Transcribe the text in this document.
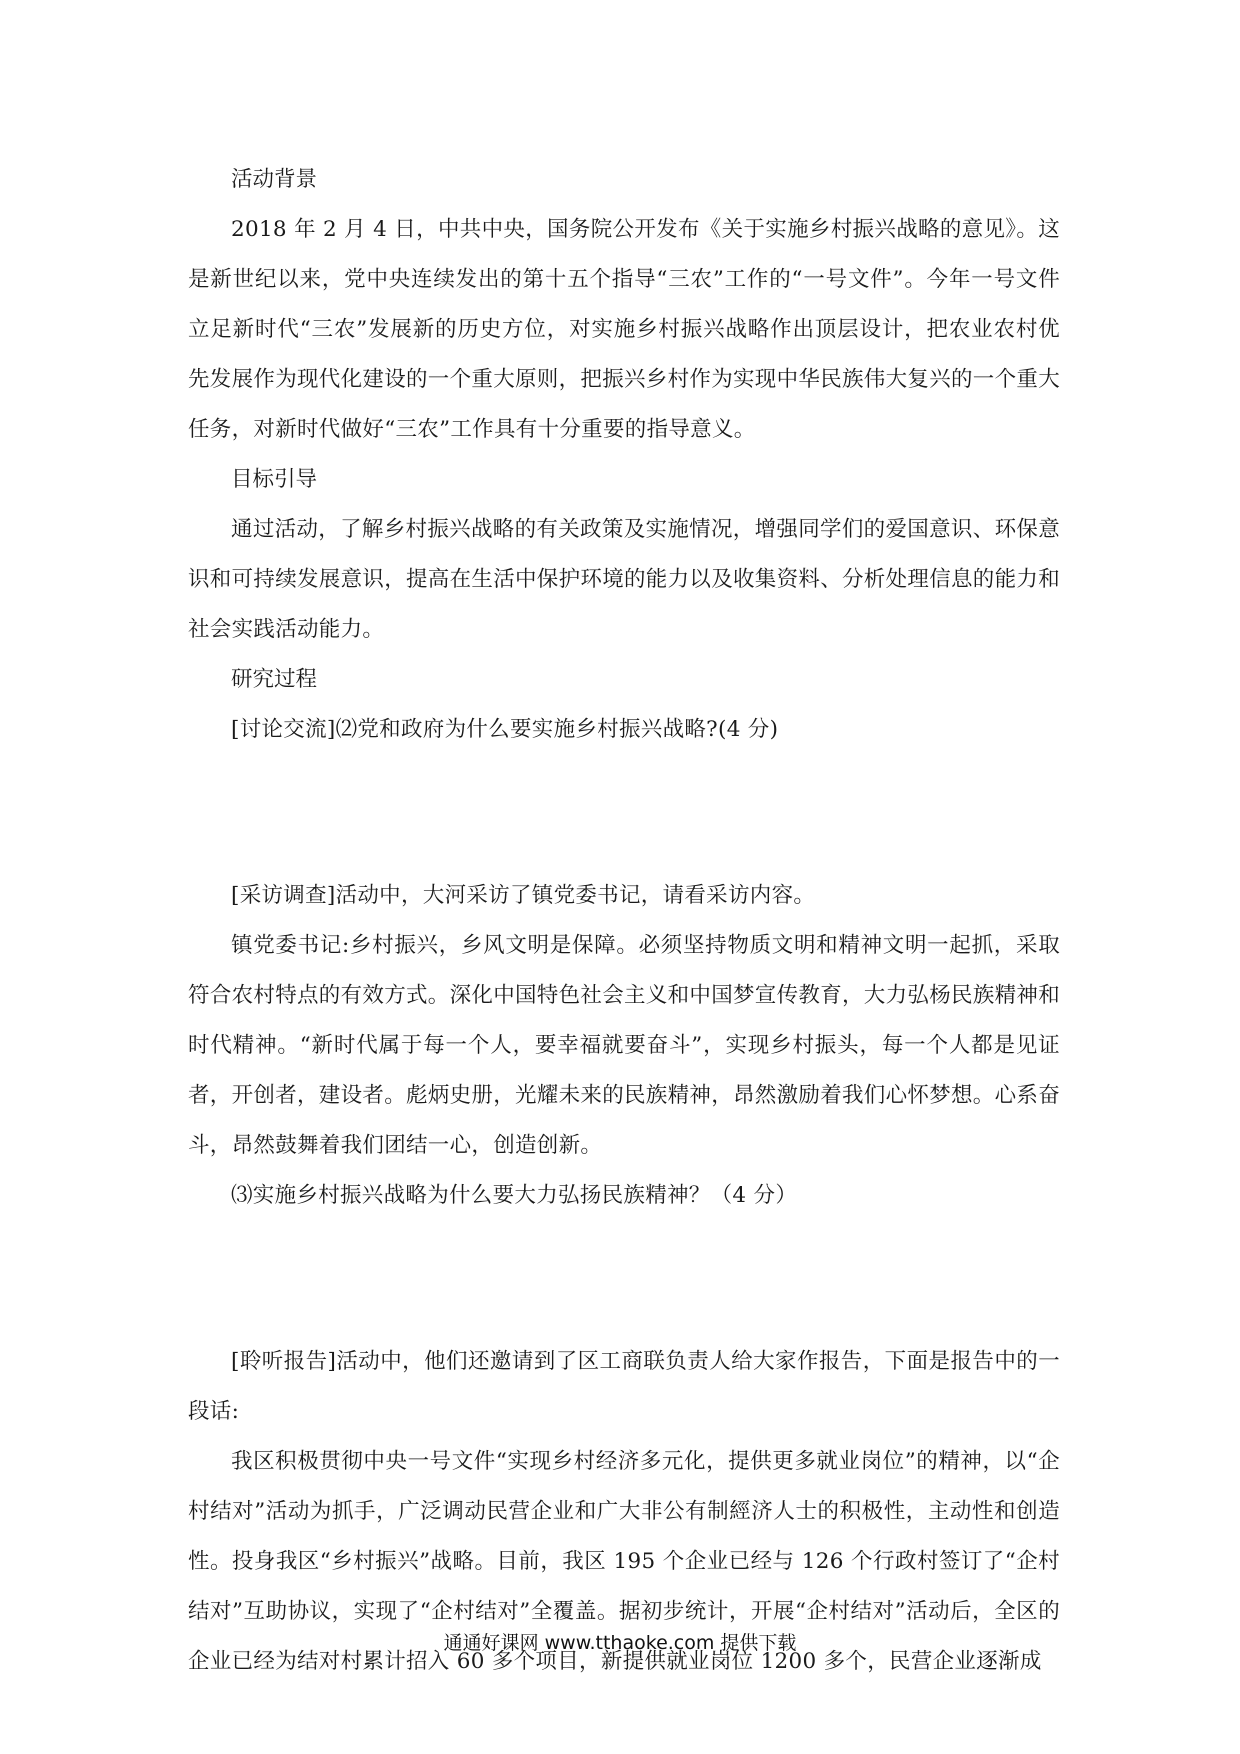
活动背景

2018 年 2 月 4 日，中共中央，国务院公开发布《关于实施乡村振兴战略的意见》。这是新世纪以来，党中央连续发出的第十五个指导“三农”工作的“一号文件”。今年一号文件立足新时代“三农”发展新的历史方位，对实施乡村振兴战略作出顶层设计，把农业农村优先发展作为现代化建设的一个重大原则，把振兴乡村作为实现中华民族伟大复兴的一个重大任务，对新时代做好“三农”工作具有十分重要的指导意义。

目标引导

通过活动，了解乡村振兴战略的有关政策及实施情况，增强同学们的爱国意识、环保意识和可持续发展意识，提高在生活中保护环境的能力以及收集资料、分析处理信息的能力和社会实践活动能力。

研究过程

[讨论交流]⑵党和政府为什么要实施乡村振兴战略?(4 分)

[采访调查]活动中，大河采访了镇党委书记，请看采访内容。

镇党委书记:乡村振兴，乡风文明是保障。必须坚持物质文明和精神文明一起抓，采取符合农村特点的有效方式。深化中国特色社会主义和中国梦宣传教育，大力弘杨民族精神和时代精神。“新时代属于每一个人，要幸福就要奋斗”，实现乡村振头，每一个人都是见证者，开创者，建设者。彪炳史册，光耀未来的民族精神，昂然激励着我们心怀梦想。心系奋斗，昂然鼓舞着我们团结一心，创造创新。

⑶实施乡村振兴战略为什么要大力弘扬民族精神？（4 分）

[聆听报告]活动中，他们还邀请到了区工商联负责人给大家作报告，下面是报告中的一段话:

我区积极贯彻中央一号文件“实现乡村经济多元化，提供更多就业岗位”的精神，以“企村结对”活动为抓手，广泛调动民营企业和广大非公有制經济人士的积极性，主动性和创造性。投身我区“乡村振兴”战略。目前，我区 195 个企业已经与 126 个行政村签订了“企村结对”互助协议，实现了“企村结对”全覆盖。据初步统计，开展“企村结对”活动后，全区的企业已经为结对村累计招入 60 多个项目，新提供就业岗位 1200 多个，民营企业逐渐成

通通好课网 www.tthaoke.com 提供下载
